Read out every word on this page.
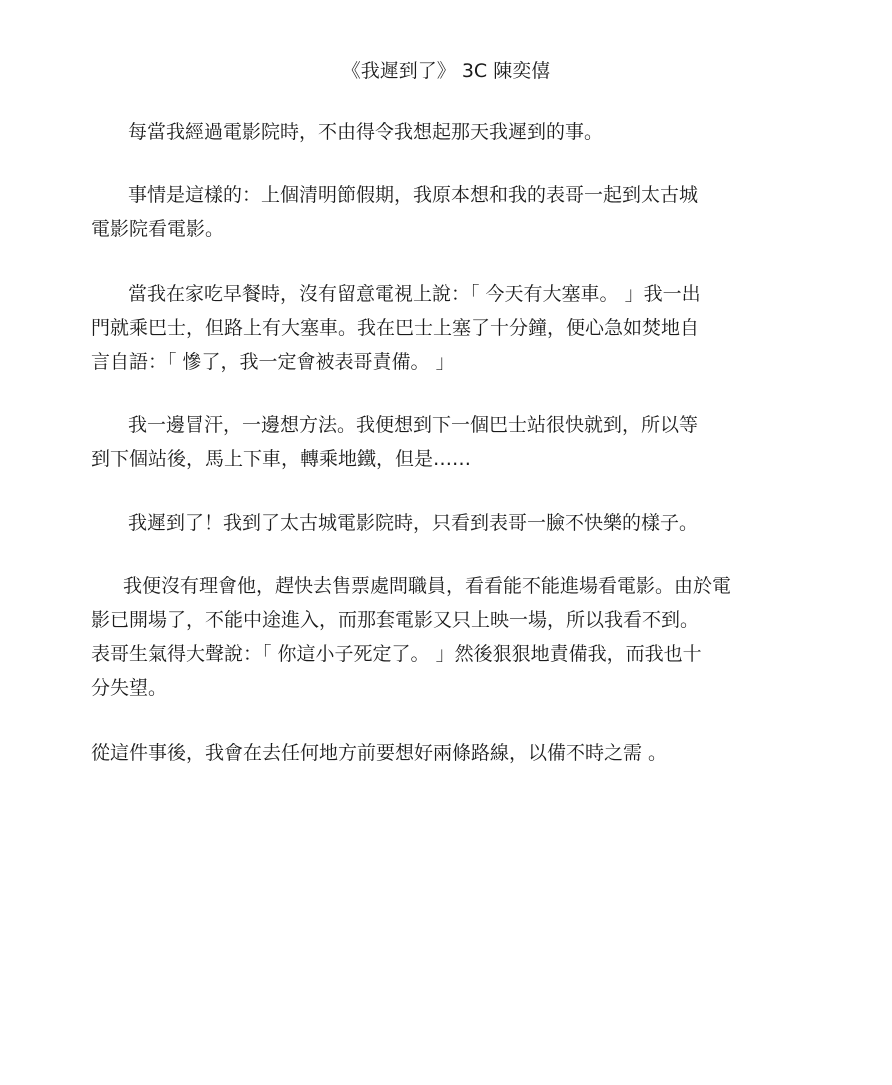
《我遲到了》 3C 陳奕僖
每當我經過電影院時，不由得令我想起那天我遲到的事。
事情是這樣的：上個清明節假期，我原本想和我的表哥一起到太古城
電影院看電影。
當我在家吃早餐時，沒有留意電視上說：「 今天有大塞車。 」我一出
門就乘巴士，但路上有大塞車。我在巴士上塞了十分鐘，便心急如焚地自
言自語：「 慘了，我一定會被表哥責備。 」
我一邊冒汗，一邊想方法。我便想到下一個巴士站很快就到，所以等
到下個站後，馬上下車，轉乘地鐵，但是……
我遲到了！我到了太古城電影院時，只看到表哥一臉不快樂的樣子。
我便沒有理會他，趕快去售票處問職員，看看能不能進場看電影。由於電
影已開場了，不能中途進入，而那套電影又只上映一場，所以我看不到。
表哥生氣得大聲說：「 你這小子死定了。 」然後狠狠地責備我，而我也十
分失望。
從這件事後，我會在去任何地方前要想好兩條路線，以備不時之需 。
